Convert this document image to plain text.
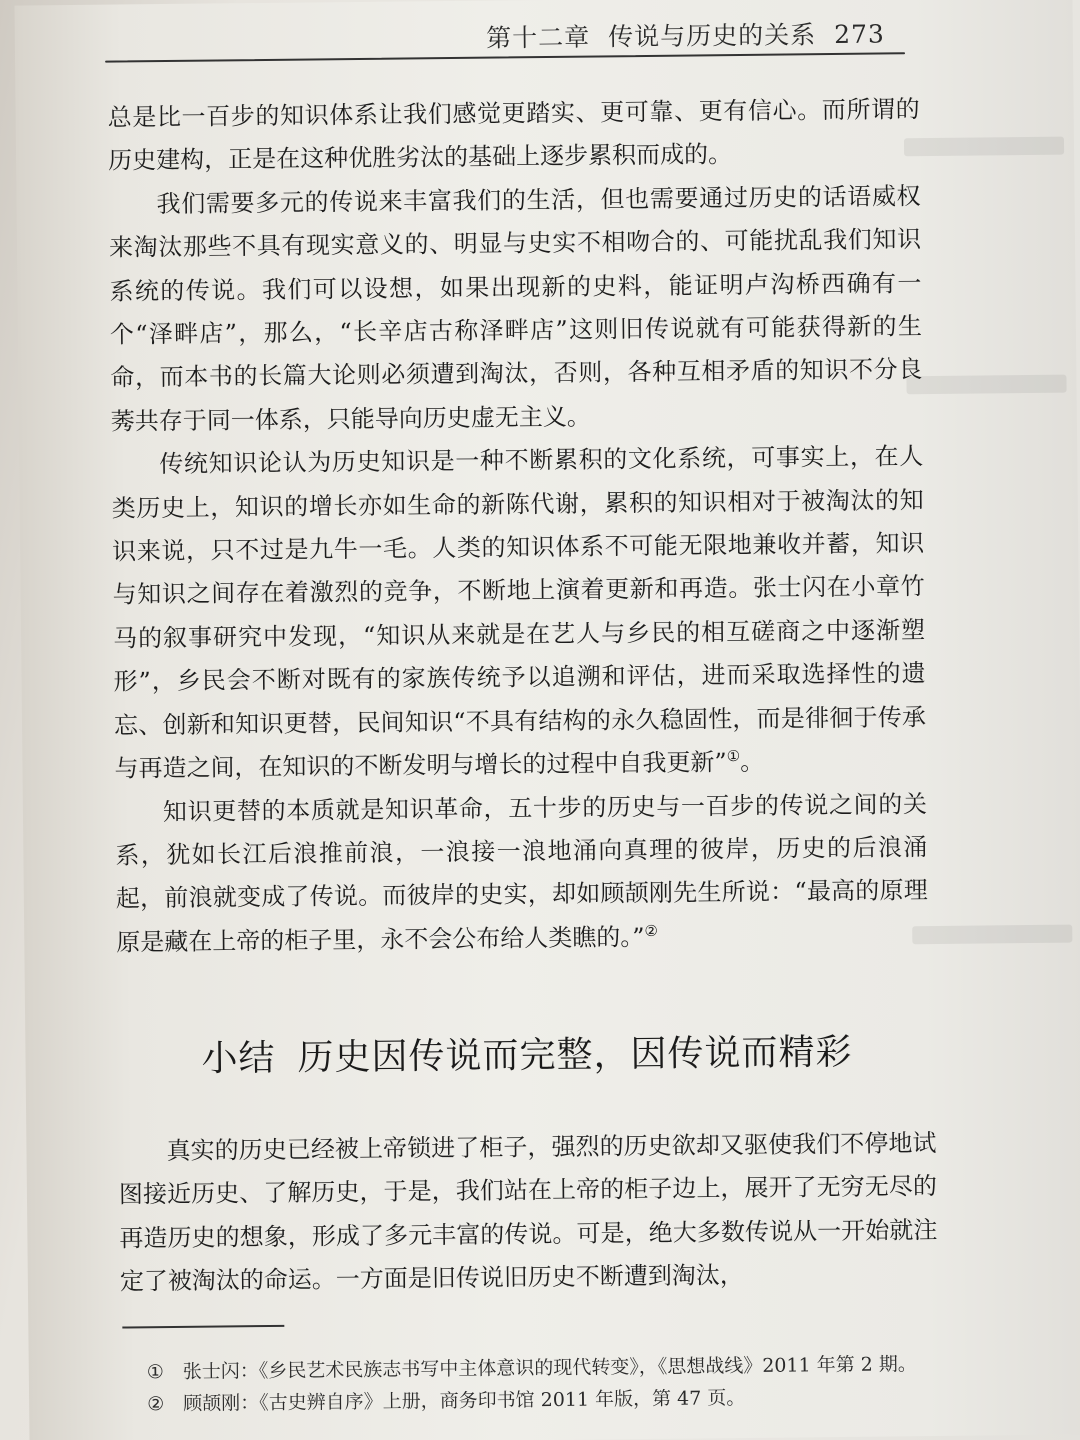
第十二章 传说与历史的关系 273

总是比一百步的知识体系让我们感觉更踏实、更可靠、更有信心。而所谓的历史建构，正是在这种优胜劣汰的基础上逐步累积而成的。

我们需要多元的传说来丰富我们的生活，但也需要通过历史的话语威权来淘汰那些不具有现实意义的、明显与史实不相吻合的、可能扰乱我们知识系统的传说。我们可以设想，如果出现新的史料，能证明卢沟桥西确有一个“泽畔店”，那么，“长辛店古称泽畔店”这则旧传说就有可能获得新的生命，而本书的长篇大论则必须遭到淘汰，否则，各种互相矛盾的知识不分良莠共存于同一体系，只能导向历史虚无主义。

传统知识论认为历史知识是一种不断累积的文化系统，可事实上，在人类历史上，知识的增长亦如生命的新陈代谢，累积的知识相对于被淘汰的知识来说，只不过是九牛一毛。人类的知识体系不可能无限地兼收并蓄，知识与知识之间存在着激烈的竞争，不断地上演着更新和再造。张士闪在小章竹马的叙事研究中发现，“知识从来就是在艺人与乡民的相互磋商之中逐渐塑形”，乡民会不断对既有的家族传统予以追溯和评估，进而采取选择性的遗忘、创新和知识更替，民间知识“不具有结构的永久稳固性，而是徘徊于传承与再造之间，在知识的不断发明与增长的过程中自我更新”①。

知识更替的本质就是知识革命，五十步的历史与一百步的传说之间的关系，犹如长江后浪推前浪，一浪接一浪地涌向真理的彼岸，历史的后浪涌起，前浪就变成了传说。而彼岸的史实，却如顾颉刚先生所说：“最高的原理原是藏在上帝的柜子里，永不会公布给人类瞧的。”②

小结 历史因传说而完整，因传说而精彩

真实的历史已经被上帝锁进了柜子，强烈的历史欲却又驱使我们不停地试图接近历史、了解历史，于是，我们站在上帝的柜子边上，展开了无穷无尽的再造历史的想象，形成了多元丰富的传说。可是，绝大多数传说从一开始就注定了被淘汰的命运。一方面是旧传说旧历史不断遭到淘汰，

① 张士闪：《乡民艺术民族志书写中主体意识的现代转变》，《思想战线》2011 年第 2 期。
② 顾颉刚：《古史辨自序》上册，商务印书馆 2011 年版，第 47 页。
